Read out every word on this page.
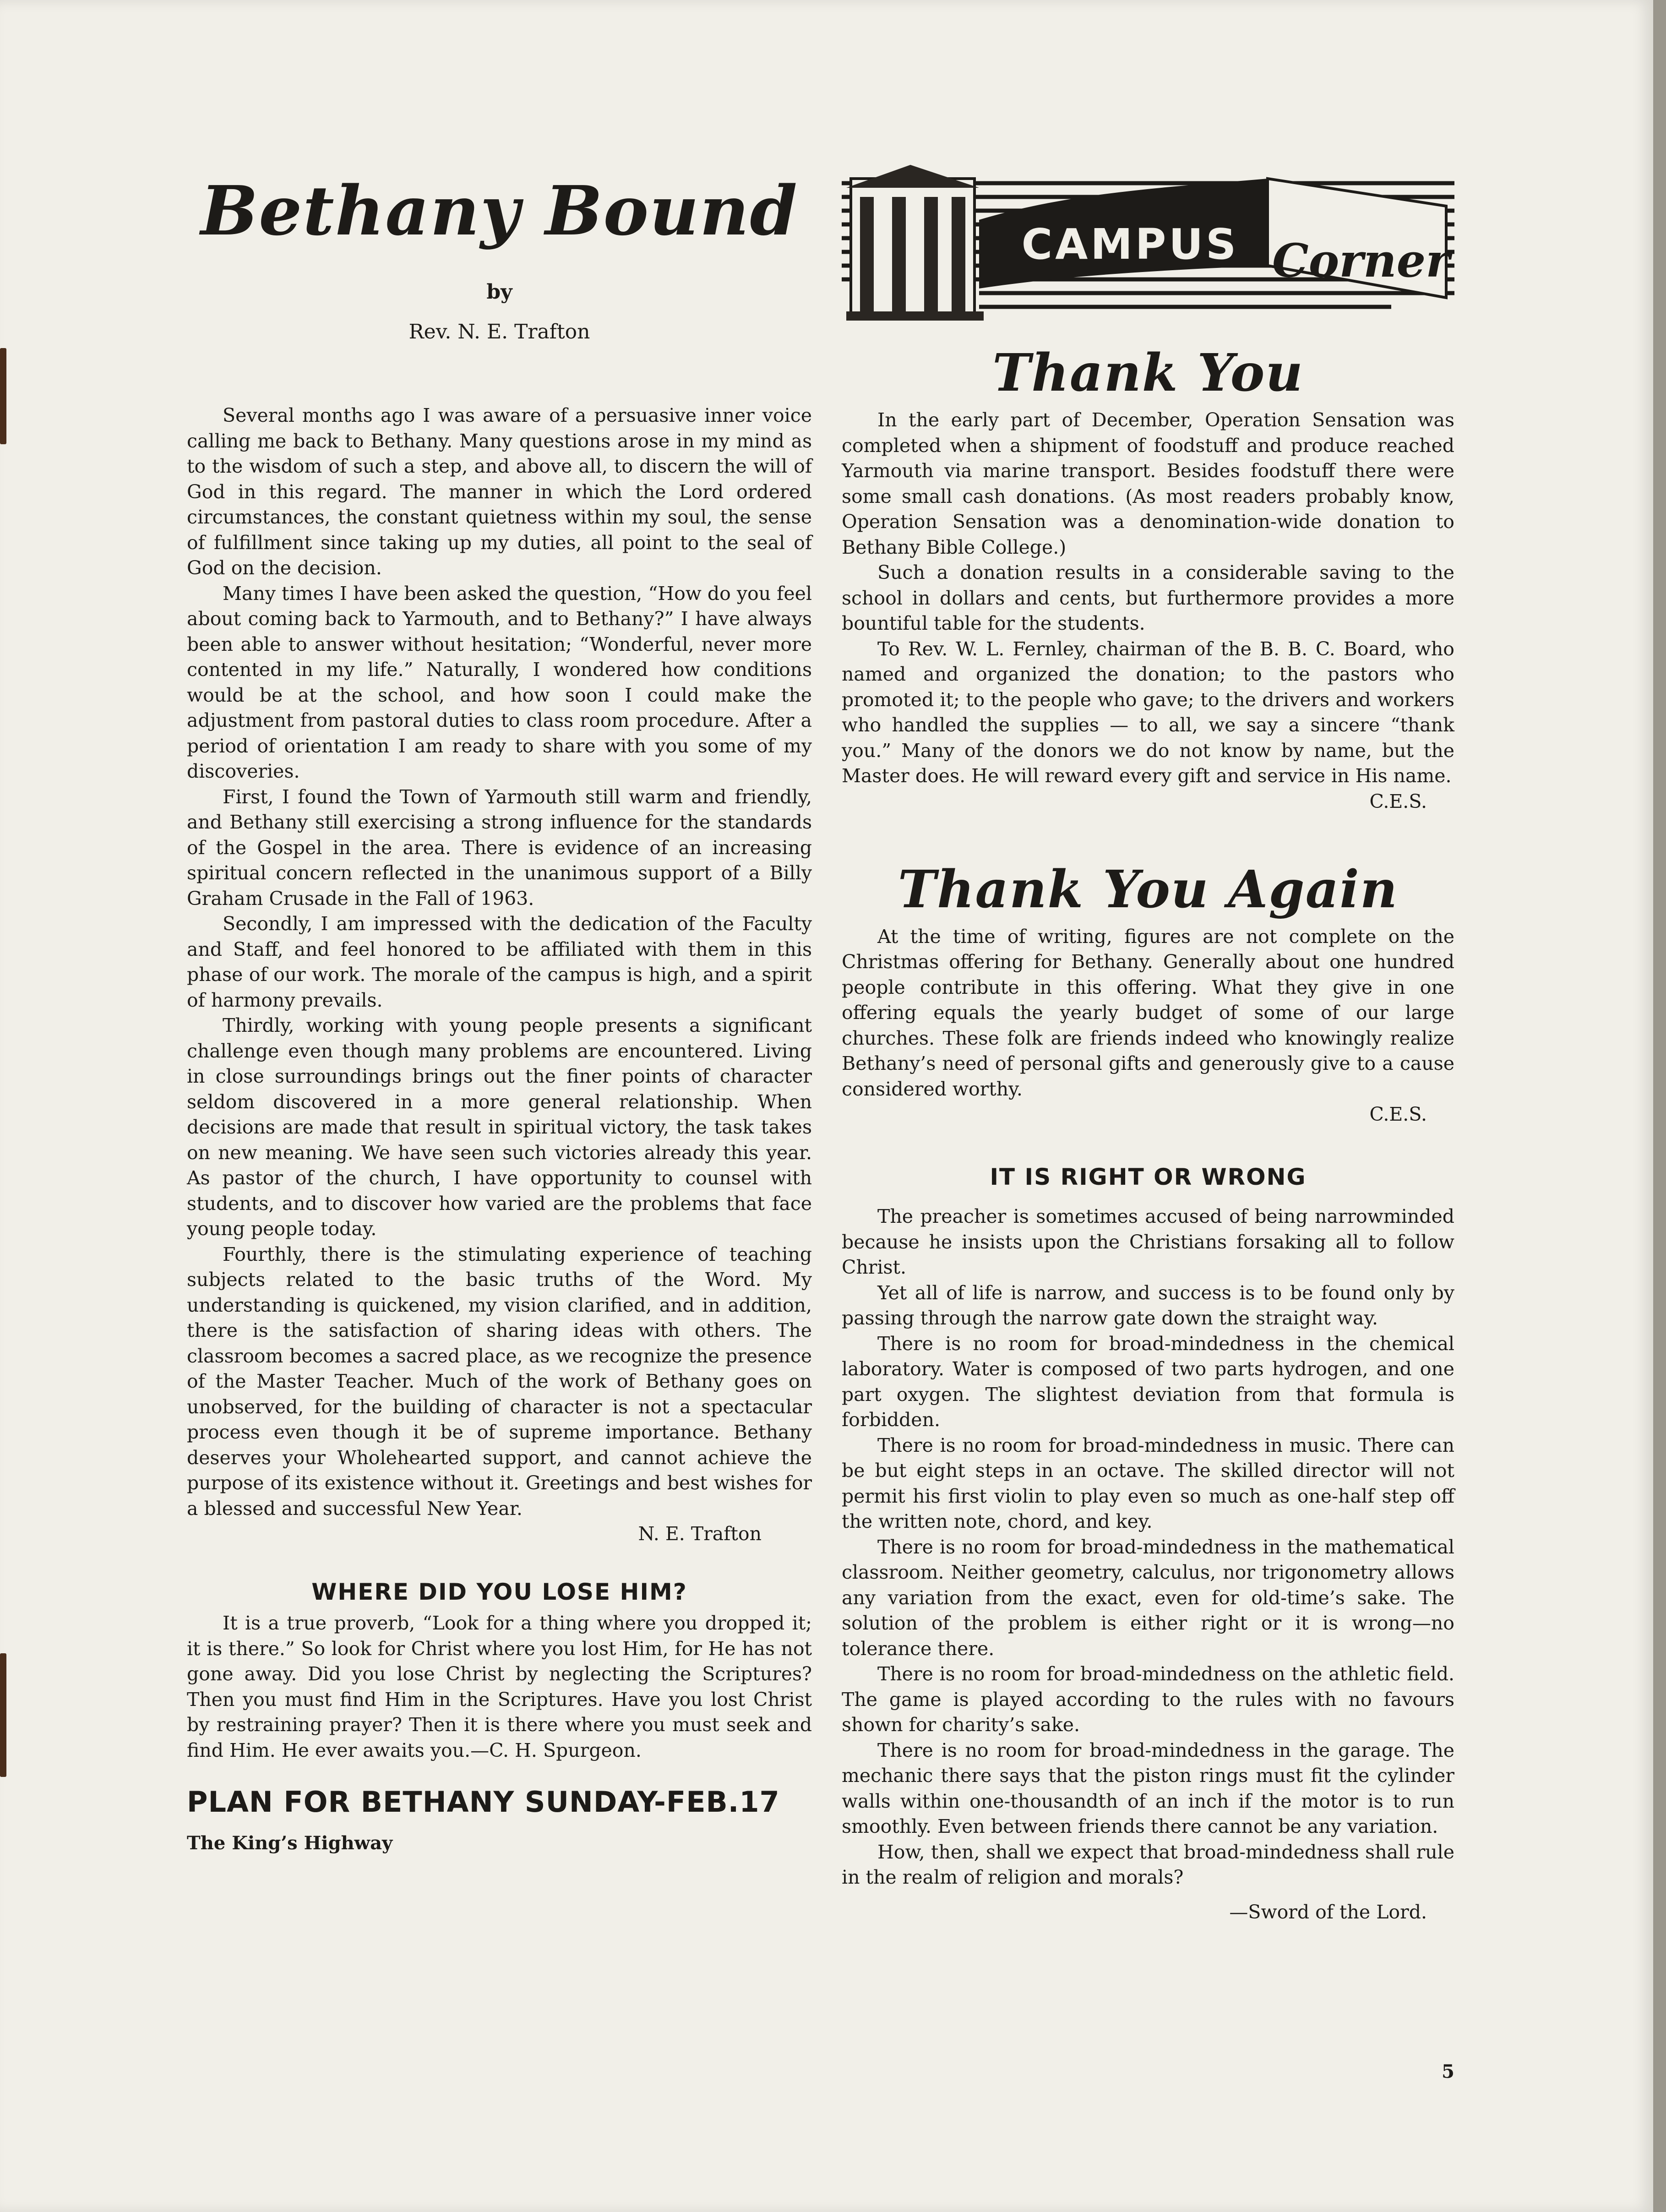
Bethany Bound

by

Rev. N. E. Trafton

Several months ago I was aware of a persuasive inner voice calling me back to Bethany. Many questions arose in my mind as to the wisdom of such a step, and above all, to discern the will of God in this regard. The manner in which the Lord ordered circumstances, the constant quietness within my soul, the sense of fulfillment since taking up my duties, all point to the seal of God on the decision.

Many times I have been asked the question, “How do you feel about coming back to Yarmouth, and to Bethany?” I have always been able to answer without hesitation; “Wonderful, never more contented in my life.” Naturally, I wondered how conditions would be at the school, and how soon I could make the adjustment from pastoral duties to class room procedure. After a period of orientation I am ready to share with you some of my discoveries.

First, I found the Town of Yarmouth still warm and friendly, and Bethany still exercising a strong influence for the standards of the Gospel in the area. There is evidence of an increasing spiritual concern reflected in the unanimous support of a Billy Graham Crusade in the Fall of 1963.

Secondly, I am impressed with the dedication of the Faculty and Staff, and feel honored to be affiliated with them in this phase of our work. The morale of the campus is high, and a spirit of harmony prevails.

Thirdly, working with young people presents a significant challenge even though many problems are encountered. Living in close surroundings brings out the finer points of character seldom discovered in a more general relationship. When decisions are made that result in spiritual victory, the task takes on new meaning. We have seen such victories already this year. As pastor of the church, I have opportunity to counsel with students, and to discover how varied are the problems that face young people today.

Fourthly, there is the stimulating experience of teaching subjects related to the basic truths of the Word. My understanding is quickened, my vision clarified, and in addition, there is the satisfaction of sharing ideas with others. The classroom becomes a sacred place, as we recognize the presence of the Master Teacher. Much of the work of Bethany goes on unobserved, for the building of character is not a spectacular process even though it be of supreme importance. Bethany deserves your Wholehearted support, and cannot achieve the purpose of its existence without it. Greetings and best wishes for a blessed and successful New Year.

N. E. Trafton

WHERE DID YOU LOSE HIM?

It is a true proverb, “Look for a thing where you dropped it; it is there.” So look for Christ where you lost Him, for He has not gone away. Did you lose Christ by neglecting the Scriptures? Then you must find Him in the Scriptures. Have you lost Christ by restraining prayer? Then it is there where you must seek and find Him. He ever awaits you.—C. H. Spurgeon.

PLAN FOR BETHANY SUNDAY-FEB.17
The King’s Highway
CAMPUS Corner
Thank You

In the early part of December, Operation Sensation was completed when a shipment of foodstuff and produce reached Yarmouth via marine transport. Besides foodstuff there were some small cash donations. (As most readers probably know, Operation Sensation was a denomination-wide donation to Bethany Bible College.)

Such a donation results in a considerable saving to the school in dollars and cents, but furthermore provides a more bountiful table for the students.

To Rev. W. L. Fernley, chairman of the B. B. C. Board, who named and organized the donation; to the pastors who promoted it; to the people who gave; to the drivers and workers who handled the supplies — to all, we say a sincere “thank you.” Many of the donors we do not know by name, but the Master does. He will reward every gift and service in His name.

C.E.S.

Thank You Again

At the time of writing, figures are not complete on the Christmas offering for Bethany. Generally about one hundred people contribute in this offering. What they give in one offering equals the yearly budget of some of our large churches. These folk are friends indeed who knowingly realize Bethany’s need of personal gifts and generously give to a cause considered worthy.

C.E.S.

IT IS RIGHT OR WRONG

The preacher is sometimes accused of being narrowminded because he insists upon the Christians forsaking all to follow Christ.

Yet all of life is narrow, and success is to be found only by passing through the narrow gate down the straight way.

There is no room for broad-mindedness in the chemical laboratory. Water is composed of two parts hydrogen, and one part oxygen. The slightest deviation from that formula is forbidden.

There is no room for broad-mindedness in music. There can be but eight steps in an octave. The skilled director will not permit his first violin to play even so much as one-half step off the written note, chord, and key.

There is no room for broad-mindedness in the mathematical classroom. Neither geometry, calculus, nor trigonometry allows any variation from the exact, even for old-time’s sake. The solution of the problem is either right or it is wrong—no tolerance there.

There is no room for broad-mindedness on the athletic field. The game is played according to the rules with no favours shown for charity’s sake.

There is no room for broad-mindedness in the garage. The mechanic there says that the piston rings must fit the cylinder walls within one-thousandth of an inch if the motor is to run smoothly. Even between friends there cannot be any variation.

How, then, shall we expect that broad-mindedness shall rule in the realm of religion and morals?

—Sword of the Lord.

5
